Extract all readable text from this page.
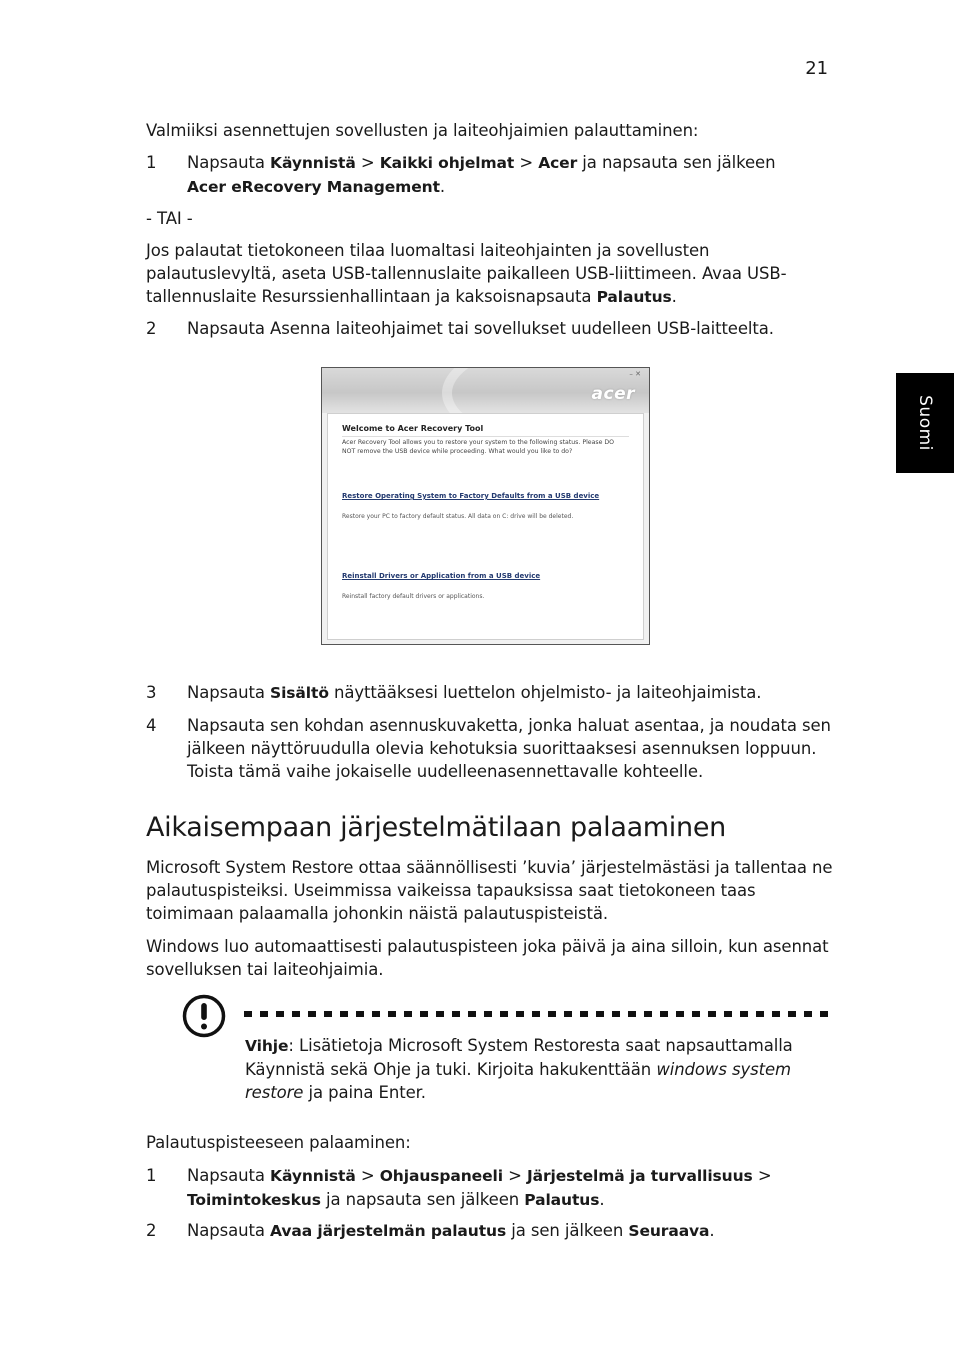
21
Suomi

Valmiiksi asennettujen sovellusten ja laiteohjaimien palauttaminen:

1 Napsauta Käynnistä > Kaikki ohjelmat > Acer ja napsauta sen jälkeen
Acer eRecovery Management.

- TAI -

Jos palautat tietokoneen tilaa luomaltasi laiteohjainten ja sovellusten palautuslevyltä, aseta USB-tallennuslaite paikalleen USB-liittimeen. Avaa USB-tallennuslaite Resurssienhallintaan ja kaksoisnapsauta Palautus.

2 Napsauta Asenna laiteohjaimet tai sovellukset uudelleen USB-laitteelta.
– ✕
acer
Welcome to Acer Recovery Tool
Acer Recovery Tool allows you to restore your system to the following status. Please DO NOT remove the USB device while proceeding. What would you like to do?
Restore Operating System to Factory Defaults from a USB device
Restore your PC to factory default status. All data on C: drive will be deleted.
Reinstall Drivers or Application from a USB device
Reinstall factory default drivers or applications.
3 Napsauta Sisältö näyttääksesi luettelon ohjelmisto- ja laiteohjaimista.
4 Napsauta sen kohdan asennuskuvaketta, jonka haluat asentaa, ja noudata sen jälkeen näyttöruudulla olevia kehotuksia suorittaaksesi asennuksen loppuun. Toista tämä vaihe jokaiselle uudelleenasennettavalle kohteelle.
Aikaisempaan järjestelmätilaan palaaminen

Microsoft System Restore ottaa säännöllisesti ’kuvia’ järjestelmästäsi ja tallentaa ne palautuspisteiksi. Useimmissa vaikeissa tapauksissa saat tietokoneen taas toimimaan palaamalla johonkin näistä palautuspisteistä.

Windows luo automaattisesti palautuspisteen joka päivä ja aina silloin, kun asennat sovelluksen tai laiteohjaimia.

Vihje: Lisätietoja Microsoft System Restoresta saat napsauttamalla Käynnistä sekä Ohje ja tuki. Kirjoita hakukenttään windows system restore ja paina Enter.

Palautuspisteeseen palaaminen:

1 Napsauta Käynnistä > Ohjauspaneeli > Järjestelmä ja turvallisuus >
Toimintokeskus ja napsauta sen jälkeen Palautus.
2 Napsauta Avaa järjestelmän palautus ja sen jälkeen Seuraava.
